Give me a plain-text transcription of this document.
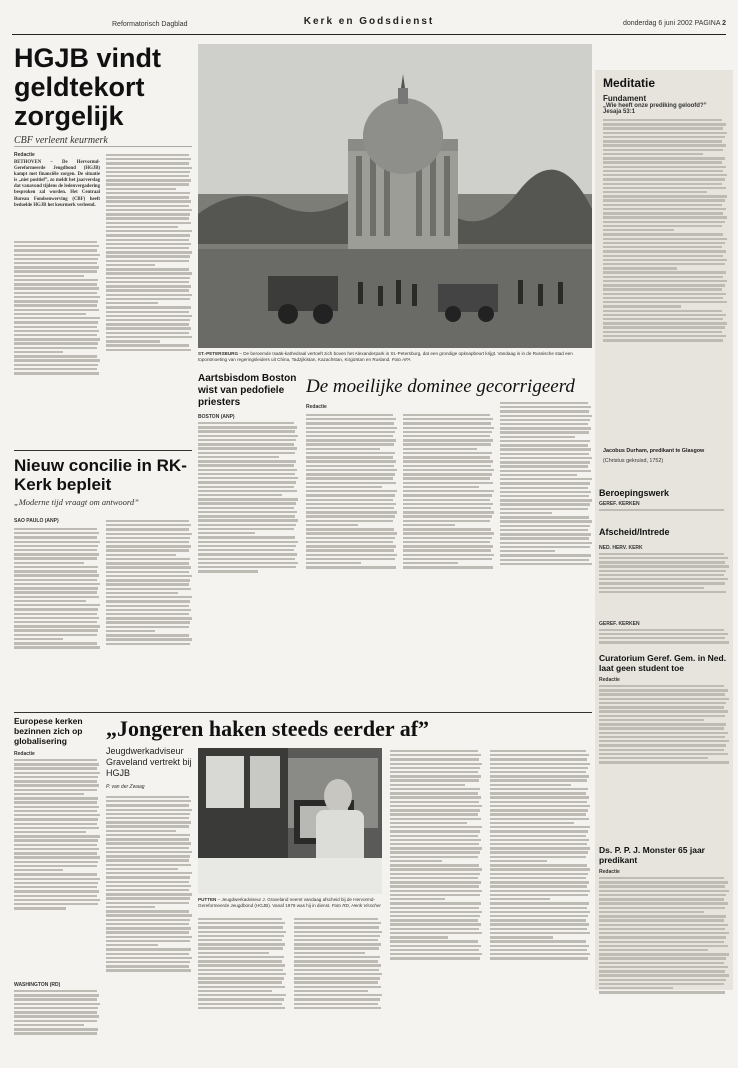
Reformatorisch Dagblad	Kerk en Godsdienst	donderdag 6 juni 2002 PAGINA 2
HGJB vindt geldtekort zorgelijk
CBF verleent keurmerk
Redactie
BETHOVEN – De Hervormd-Gereformeerde Jeugdbond (HGJB) kampt met financiële zorgen. De situatie is „niet positief”, zo meldt het jaarverslag dat vanavond tijdens de ledenvergadering besproken zal worden. Het Centraal Bureau Fondsenwerving (CBF) heeft bedoelde HGJB het keurmerk verleend.
ST.-PETERSBURG – De beroemde Isaäk-kathedraal vertoeft zich boven het Alexanderpark in St.-Petersburg, dat een grondige opknapbeurt krijgt. Vandaag is in de Russische stad een topontmoeting van regeringsleiders uit China, Tadzjikistan, Kazachstan, Kirgizstan en Rusland. Foto AFA
Aartsbisdom Boston wist van pedofiele priesters
BOSTON (ANP)
De moeilijke dominee gecorrigeerd
Redactie
Nieuw concilie in RK-Kerk bepleit
„Moderne tijd vraagt om antwoord”
SAO PAULO (ANP)
Europese kerken bezinnen zich op globalisering
Redactie
WASHINGTON (RD)
„Jongeren haken steeds eerder af”
Jeugdwerkadviseur Graveland vertrekt bij HGJB
P. van der Zwaag
PUTTEN – Jeugdwerkadviseur J. Graveland neemt vandaag afscheid bij de Hervormd-Gereformeerde Jeugdbond (HGJB). Vanaf 1979 was hij in dienst. Foto RD, Henk Visscher
Meditatie
Fundament
„Wie heeft onze prediking geloofd?”
Jesaja 53:1
Jacobus Durham, predikant te Glasgow
(Christus gekruisd, 1752)
Beroepingswerk
GEREF. KERKEN
Afscheid/Intrede
NED. HERV. KERK
GEREF. KERKEN
Curatorium Geref. Gem. in Ned. laat geen student toe
Redactie
Ds. P. P. J. Monster 65 jaar predikant
Redactie
